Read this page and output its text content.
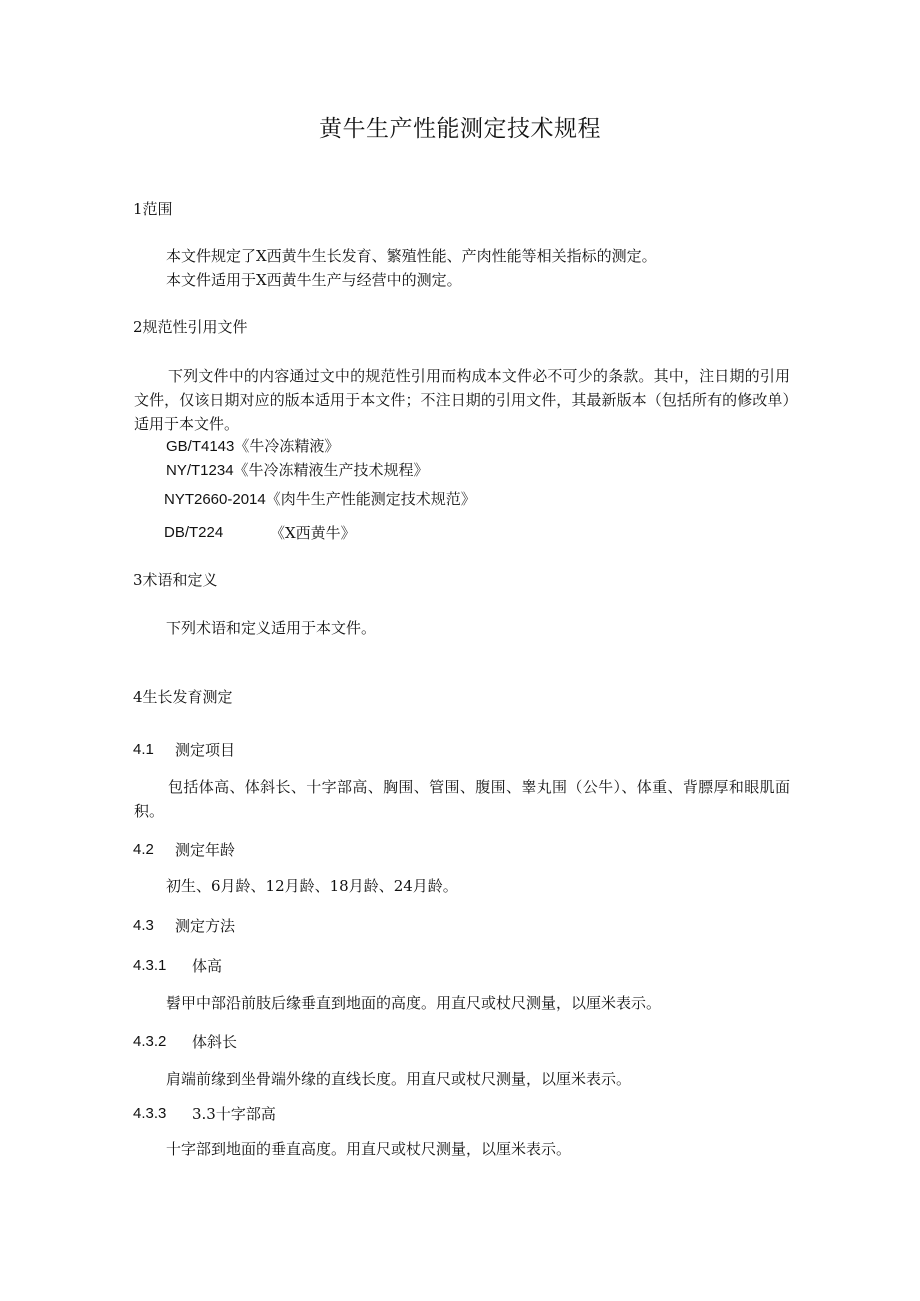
黄牛生产性能测定技术规程
1范围
本文件规定了X西黄牛生长发育、繁殖性能、产肉性能等相关指标的测定。
本文件适用于X西黄牛生产与经营中的测定。
2规范性引用文件
下列文件中的内容通过文中的规范性引用而构成本文件必不可少的条款。其中，注日期的引用文件，仅该日期对应的版本适用于本文件；不注日期的引用文件，其最新版本（包括所有的修改单）适用于本文件。
GB/T4143《牛冷冻精液》
NY/T1234《牛冷冻精液生产技术规程》
NYT2660-2014《肉牛生产性能测定技术规范》
DB/T224	《X西黄牛》
3术语和定义
下列术语和定义适用于本文件。
4生长发育测定
4.1 测定项目
包括体高、体斜长、十字部高、胸围、管围、腹围、睾丸围（公牛）、体重、背膘厚和眼肌面积。
4.2 测定年龄
初生、6月龄、12月龄、18月龄、24月龄。
4.3 测定方法
4.3.1 体高
髫甲中部沿前肢后缘垂直到地面的高度。用直尺或杖尺测量，以厘米表示。
4.3.2 体斜长
肩端前缘到坐骨端外缘的直线长度。用直尺或杖尺测量，以厘米表示。
4.3.3 3.3十字部高
十字部到地面的垂直高度。用直尺或杖尺测量，以厘米表示。
